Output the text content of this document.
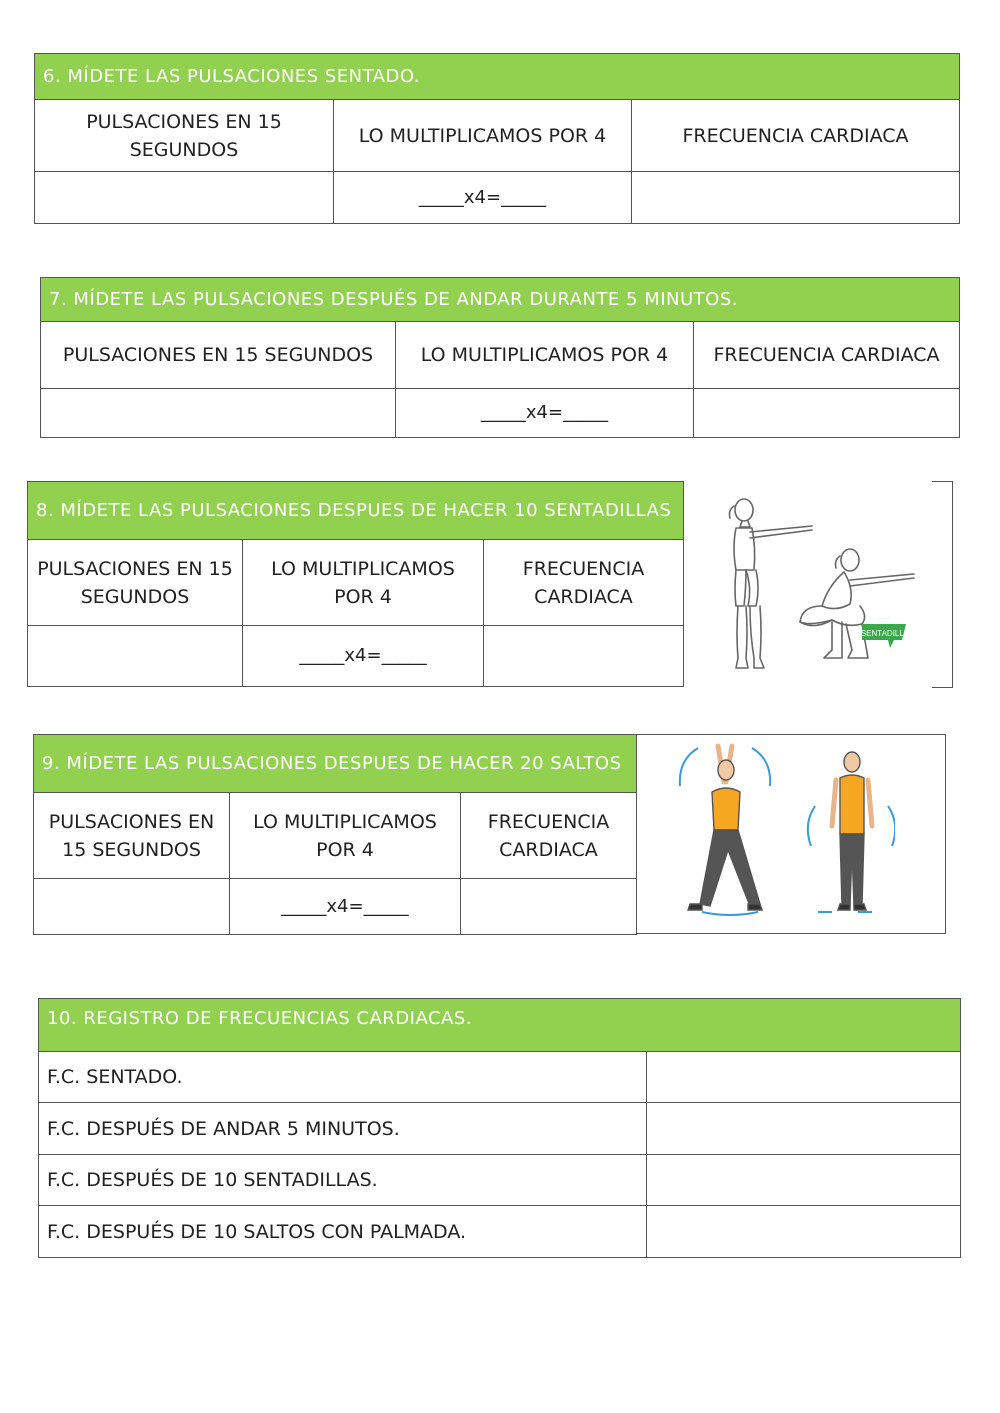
6. MÍDETE LAS PULSACIONES SENTADO.		
PULSACIONES EN 15 SEGUNDOS	LO MULTIPLICAMOS POR 4	FRECUENCIA CARDIACA
	_____x4=_____	
7. MÍDETE LAS PULSACIONES DESPUÉS DE ANDAR DURANTE 5 MINUTOS.		
PULSACIONES EN 15 SEGUNDOS	LO MULTIPLICAMOS POR 4	FRECUENCIA CARDIACA
	_____x4=_____	
8. MÍDETE LAS PULSACIONES DESPUES DE HACER 10 SENTADILLAS		
PULSACIONES EN 15 SEGUNDOS	LO MULTIPLICAMOS POR 4	FRECUENCIA CARDIACA
	_____x4=_____	
SENTADILLA
· · · · ·
9. MÍDETE LAS PULSACIONES DESPUES DE HACER 20 SALTOS		
PULSACIONES EN 15 SEGUNDOS	LO MULTIPLICAMOS POR 4	FRECUENCIA CARDIACA
	_____x4=_____	
10. REGISTRO DE FRECUENCIAS CARDIACAS.	
F.C. SENTADO.	
F.C. DESPUÉS DE ANDAR 5 MINUTOS.	
F.C. DESPUÉS DE 10 SENTADILLAS.	
F.C. DESPUÉS DE 10 SALTOS CON PALMADA.	
